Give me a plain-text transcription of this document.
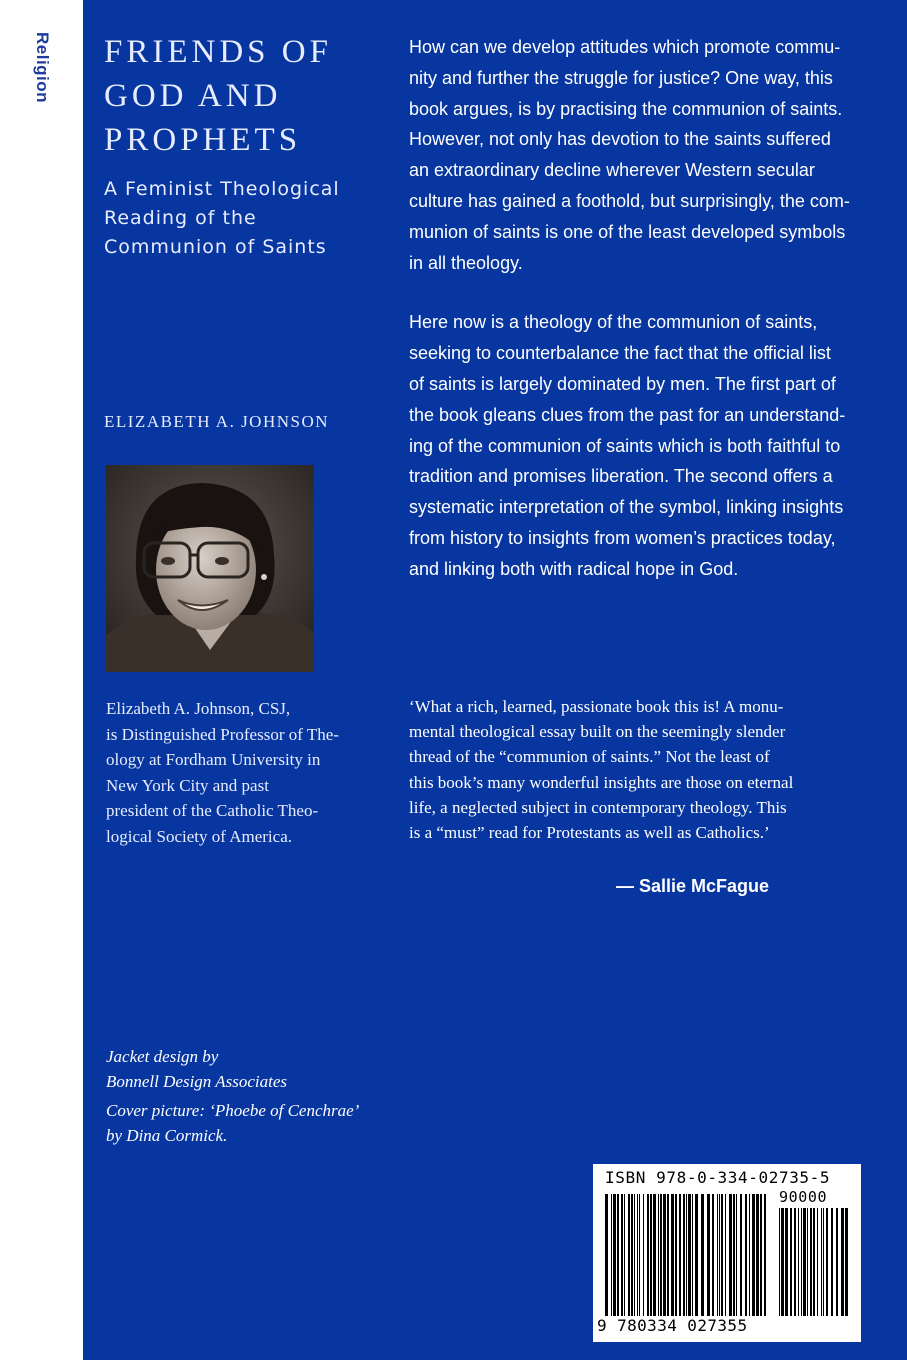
Religion FRIENDS OF
GOD AND
PROPHETS
A Feminist Theological
Reading of the
Communion of Saints
ELIZABETH A. JOHNSON
Elizabeth A. Johnson, CSJ,
is Distinguished Professor of The-
ology at Fordham University in
New York City and past
president of the Catholic Theo-
logical Society of America.

How can we develop attitudes which promote commu-
nity and further the struggle for justice? One way, this
book argues, is by practising the communion of saints.
However, not only has devotion to the saints suffered
an extraordinary decline wherever Western secular
culture has gained a foothold, but surprisingly, the com-
munion of saints is one of the least developed symbols
in all theology.

Here now is a theology of the communion of saints,
seeking to counterbalance the fact that the official list
of saints is largely dominated by men. The first part of
the book gleans clues from the past for an understand-
ing of the communion of saints which is both faithful to
tradition and promises liberation. The second offers a
systematic interpretation of the symbol, linking insights
from history to insights from women’s practices today,
and linking both with radical hope in God.

‘What a rich, learned, passionate book this is! A monu-
mental theological essay built on the seemingly slender
thread of the “communion of saints.” Not the least of
this book’s many wonderful insights are those on eternal
life, a neglected subject in contemporary theology. This
is a “must” read for Protestants as well as Catholics.’
— Sallie McFague

Jacket design by
Bonnell Design Associates

Cover picture: ‘Phoebe of Cenchrae’
by Dina Cormick.

ISBN 978-0-334-02735-5
90000
9 780334 027355
